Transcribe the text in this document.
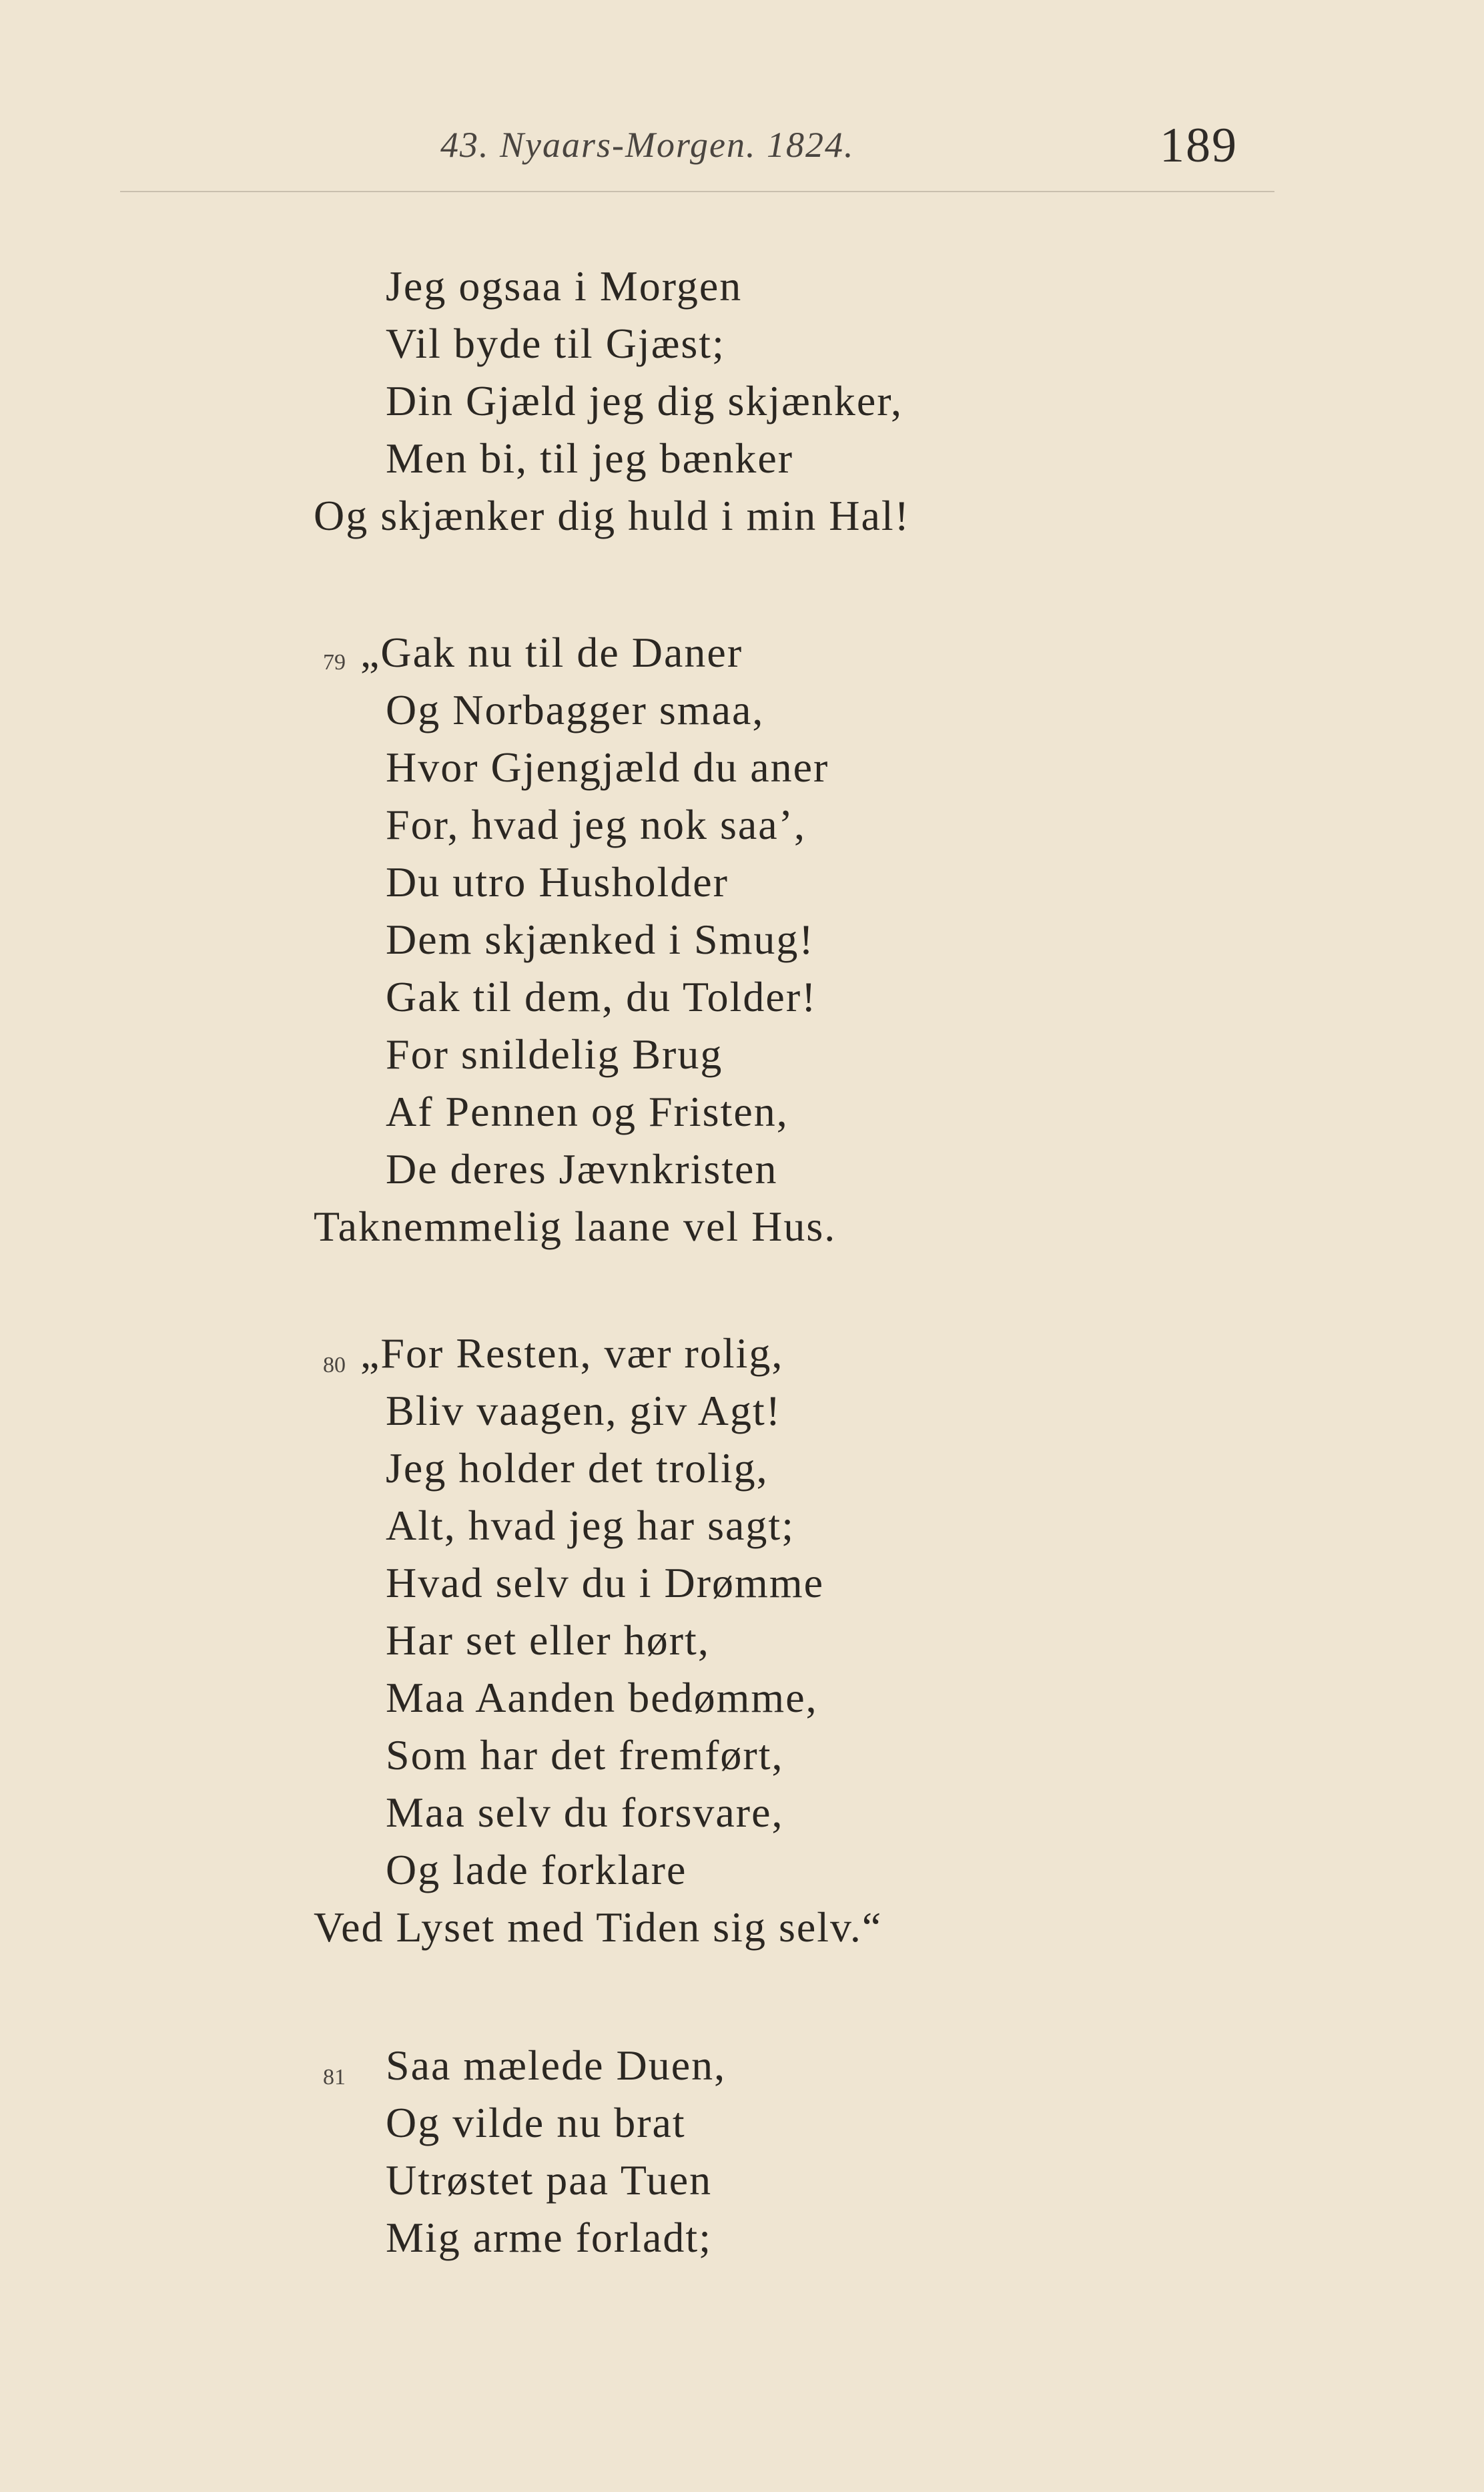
43. Nyaars-Morgen. 1824.	189
Jeg ogsaa i Morgen
Vil byde til Gjæst;
Din Gjæld jeg dig skjænker,
Men bi, til jeg bænker
Og skjænker dig huld i min Hal!
79 „Gak nu til de Daner
Og Norbagger smaa,
Hvor Gjengjæld du aner
For, hvad jeg nok saa’,
Du utro Husholder
Dem skjænked i Smug!
Gak til dem, du Tolder!
For snildelig Brug
Af Pennen og Fristen,
De deres Jævnkristen
Taknemmelig laane vel Hus.
80 „For Resten, vær rolig,
Bliv vaagen, giv Agt!
Jeg holder det trolig,
Alt, hvad jeg har sagt;
Hvad selv du i Drømme
Har set eller hørt,
Maa Aanden bedømme,
Som har det fremført,
Maa selv du forsvare,
Og lade forklare
Ved Lyset med Tiden sig selv.“
81 Saa mælede Duen,
Og vilde nu brat
Utrøstet paa Tuen
Mig arme forladt;
